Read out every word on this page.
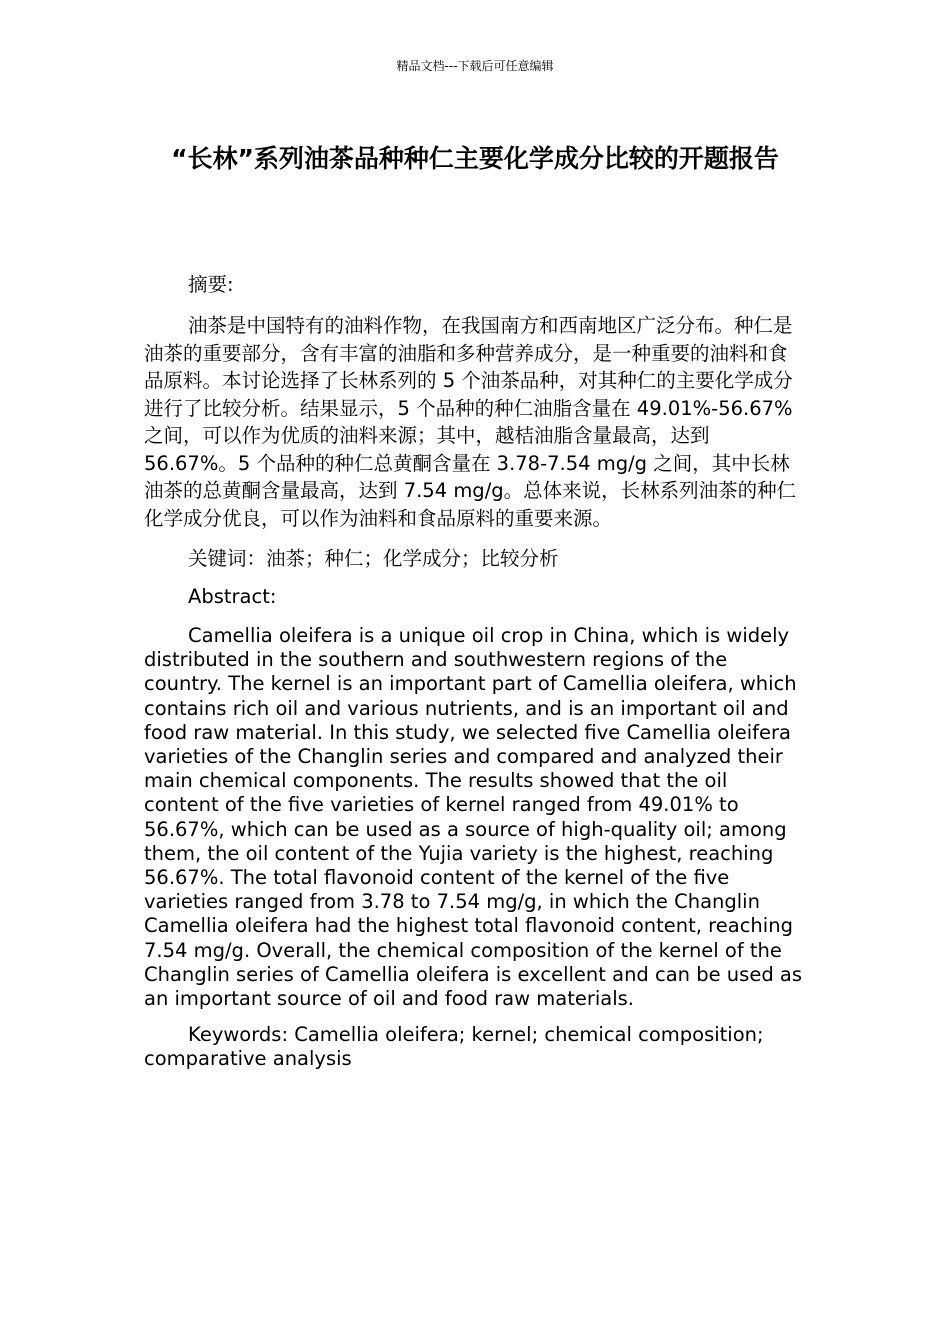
精品文档---下载后可任意编辑
“长林”系列油茶品种种仁主要化学成分比较的开题报告

摘要:

油茶是中国特有的油料作物，在我国南方和西南地区广泛分布。种仁是油茶的重要部分，含有丰富的油脂和多种营养成分，是一种重要的油料和食品原料。本讨论选择了长林系列的 5 个油茶品种，对其种仁的主要化学成分进行了比较分析。结果显示，5 个品种的种仁油脂含量在 49.01%-56.67%之间，可以作为优质的油料来源；其中，越桔油脂含量最高，达到 56.67%。5 个品种的种仁总黄酮含量在 3.78-7.54 mg/g 之间，其中长林油茶的总黄酮含量最高，达到 7.54 mg/g。总体来说，长林系列油茶的种仁化学成分优良，可以作为油料和食品原料的重要来源。

关键词：油茶；种仁；化学成分；比较分析

Abstract:

Camellia oleifera is a unique oil crop in China, which is widely distributed in the southern and southwestern regions of the country. The kernel is an important part of Camellia oleifera, which contains rich oil and various nutrients, and is an important oil and food raw material. In this study, we selected five Camellia oleifera varieties of the Changlin series and compared and analyzed their main chemical components. The results showed that the oil content of the five varieties of kernel ranged from 49.01% to 56.67%, which can be used as a source of high-quality oil; among them, the oil content of the Yujia variety is the highest, reaching 56.67%. The total flavonoid content of the kernel of the five varieties ranged from 3.78 to 7.54 mg/g, in which the Changlin Camellia oleifera had the highest total flavonoid content, reaching 7.54 mg/g. Overall, the chemical composition of the kernel of the Changlin series of Camellia oleifera is excellent and can be used as an important source of oil and food raw materials.

Keywords: Camellia oleifera; kernel; chemical composition; comparative analysis
